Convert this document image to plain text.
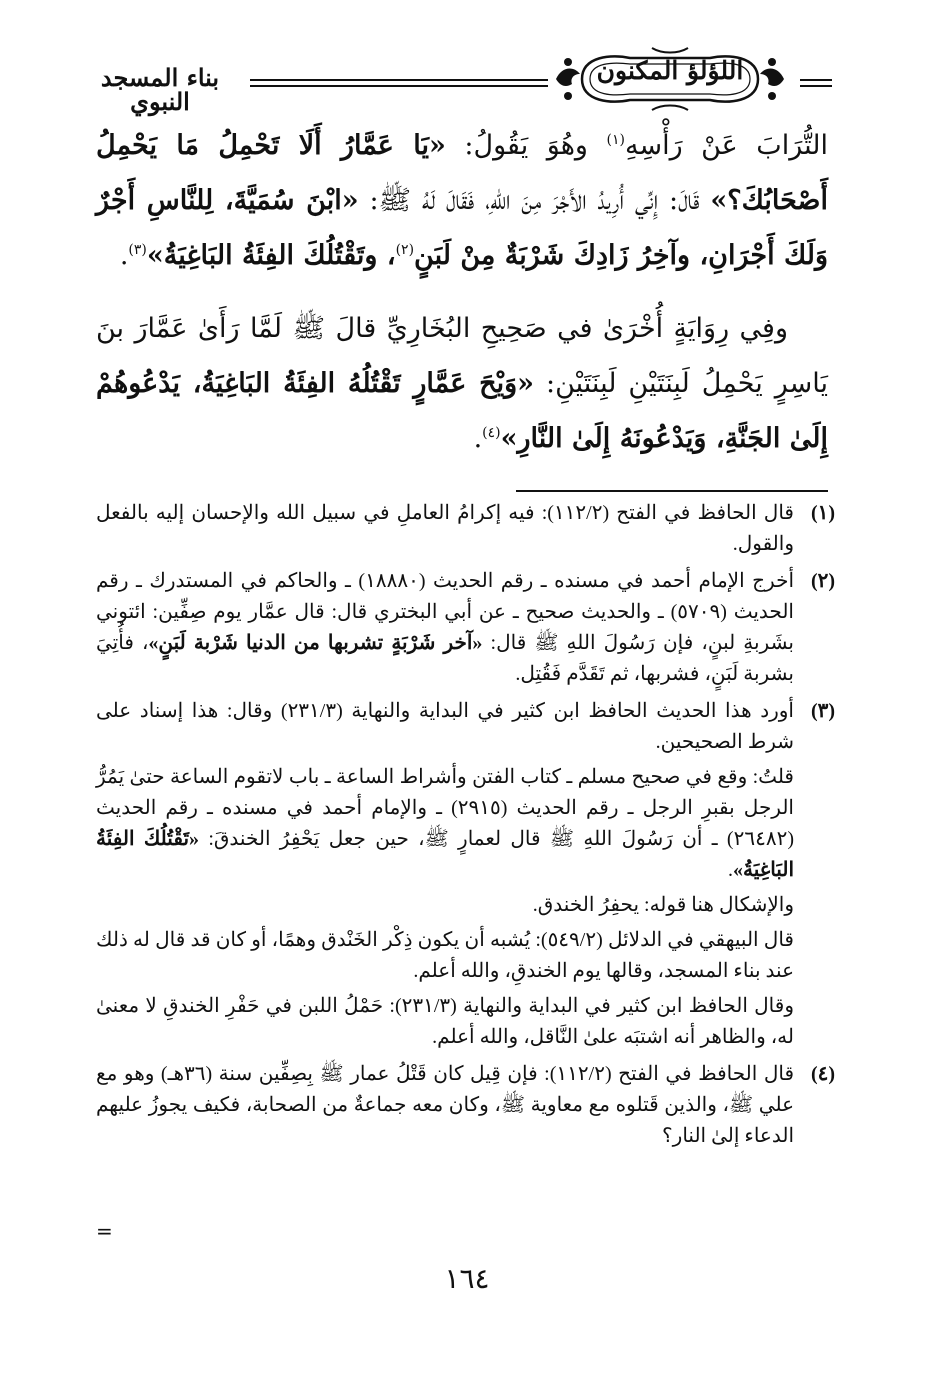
بناء المسجد النبوي
اللؤلؤ المكنون

التُّرَابَ عَنْ رَأْسِهِ$^{(١)}$ وهُوَ يَقُولُ: «يَا عَمَّارُ أَلَا تَحْمِلُ مَا يَحْمِلُ أَصْحَابُكَ؟» قَالَ: إِنِّي أُرِيدُ الأَجْرَ مِنَ اللهِ، فَقَالَ لَهُ ﷺ: «ابْنَ سُمَيَّةَ، لِلنَّاسِ أَجْرٌ وَلَكَ أَجْرَانِ، وآخِرُ زَادِكَ شَرْبَةٌ مِنْ لَبَنٍ$^{(٢)}$، وتَقْتُلُكَ الفِئَةُ البَاغِيَةُ»$^{(٣)}$.

وفِي رِوَايَةٍ أُخْرَىٰ في صَحِيحِ البُخَارِيِّ قالَ ﷺ لَمَّا رَأَىٰ عَمَّارَ بنَ يَاسِرٍ يَحْمِلُ لَبِنَتَيْنِ لَبِنَتَيْنِ: «وَيْحَ عَمَّارٍ تَقْتُلُهُ الفِئَةُ البَاغِيَةُ، يَدْعُوهُمْ إِلَىٰ الجَنَّةِ، وَيَدْعُونَهُ إِلَىٰ النَّارِ»$^{(٤)}$.

(١)

قال الحافظ في الفتح (١١٢/٢): فيه إكرامُ العاملِ في سبيل الله والإحسان إليه بالفعل والقول.

(٢)

أخرج الإمام أحمد في مسنده ـ رقم الحديث (١٨٨٨٠) ـ والحاكم في المستدرك ـ رقم الحديث (٥٧٠٩) ـ والحديث صحيح ـ عن أبي البختري قال: قال عمَّار يوم صِفِّين: ائتوني بشَربةِ لبنٍ، فإن رَسُولَ اللهِ ﷺ قال: «آخر شَرْبَةٍ تشربها من الدنيا شَرْبة لَبَنٍ»، فأُتِيَ بشربة لَبَنٍ، فشربها، ثم تَقَدَّم فَقُتِل.

(٣)

أورد هذا الحديث الحافظ ابن كثير في البداية والنهاية (٢٣١/٣) وقال: هذا إسناد على شرط الصحيحين.

قلتُ: وقع في صحيح مسلم ـ كتاب الفتن وأشراط الساعة ـ باب لاتقوم الساعة حتىٰ يَمُرُّ الرجل بقبرِ الرجل ـ رقم الحديث (٢٩١٥) ـ والإمام أحمد في مسنده ـ رقم الحديث (٢٦٤٨٢) ـ أن رَسُولَ اللهِ ﷺ قال لعمارٍ ﷺ، حين جعل يَحْفِرُ الخندقَ: «تَقْتُلُكَ الفِئَةُ البَاغِيَةُ».

والإشكال هنا قوله: يحفِرُ الخندق.

قال البيهقي في الدلائل (٥٤٩/٢): يُشبه أن يكون ذِكْر الخَنْدق وهمًا، أو كان قد قال له ذلك عند بناء المسجد، وقالها يوم الخندقِ، والله أعلم.

وقال الحافظ ابن كثير في البداية والنهاية (٢٣١/٣): حَمْلُ اللبن في حَفْرِ الخندقِ لا معنىٰ له، والظاهر أنه اشتبَه علىٰ النَّاقل، والله أعلم.

(٤)

قال الحافظ في الفتح (١١٢/٢): فإن قِيل كان قَتْلُ عمار ﷺ بِصِفِّين سنة (٣٦هـ) وهو مع علي ﷺ، والذين قَتلوه مع معاوية ﷺ، وكان معه جماعةٌ من الصحابة، فكيف يجوزُ عليهم الدعاء إلىٰ النار؟

=
١٦٤
